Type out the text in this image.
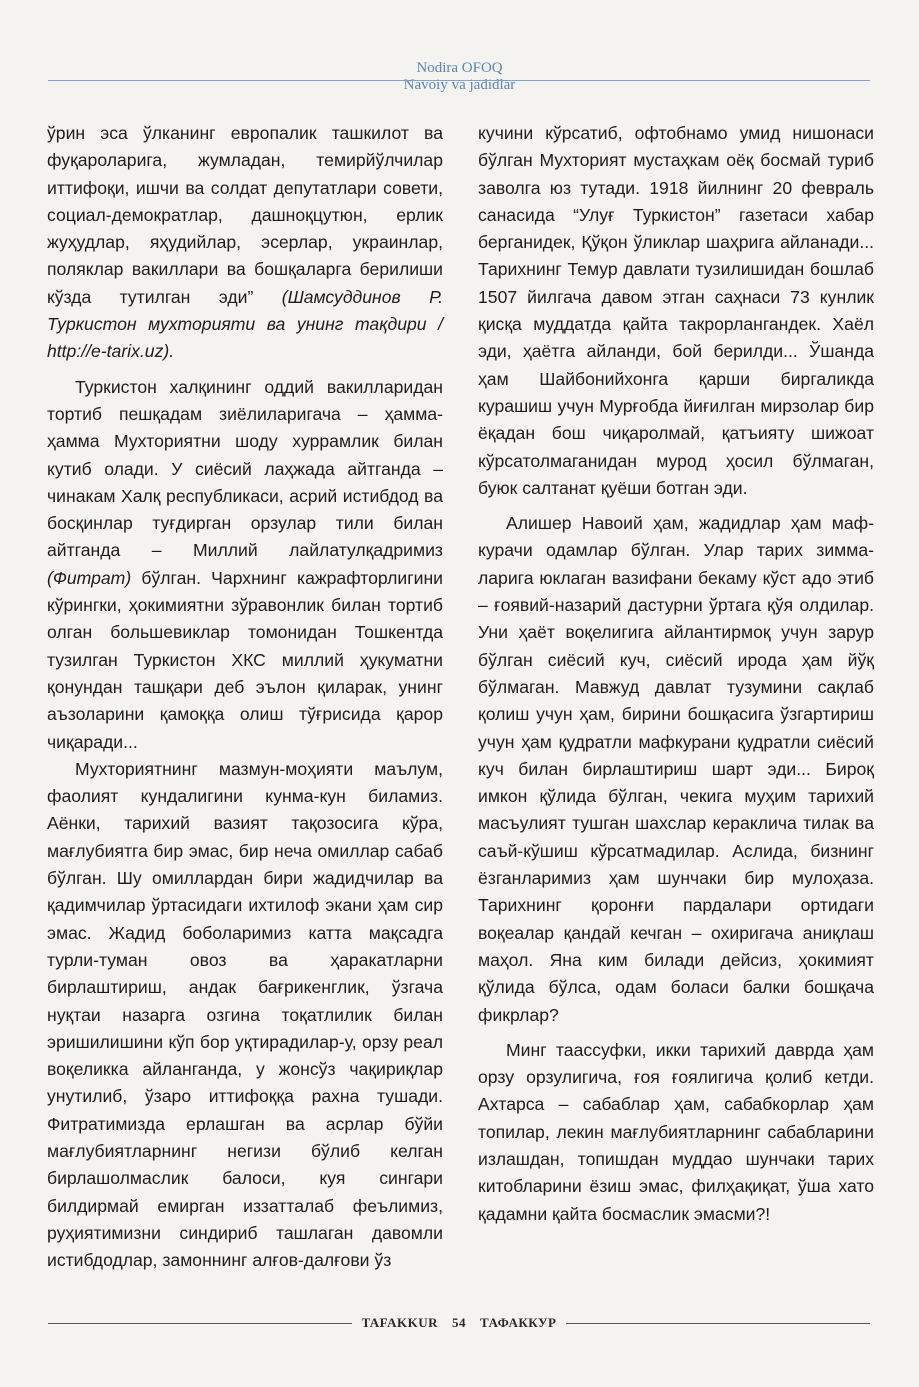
Nodira OFOQ
Navoiy va jadidlar

ўрин эса ўлканинг европалик ташкилот ва фуқароларига, жумладан, темирйўлчилар иттифоқи, ишчи ва солдат депутатлари совети, социал-демократлар, дашноқцутюн, ерлик жуҳудлар, яҳудийлар, эсерлар, украинлар, поляклар вакиллари ва бошқаларга берилиши кўзда тутилган эди” (Шамсуддинов Р. Туркистон мухторияти ва унинг тақдири / http://e-tarix.uz).

Туркистон халқининг оддий вакилларидан тортиб пешқадам зиёлиларигача – ҳамма-ҳамма Мухториятни шоду хуррамлик билан кутиб олади. У сиёсий лаҳжада айтганда – чинакам Халқ республикаси, асрий истибдод ва босқинлар туғдирган орзулар тили билан айтганда – Миллий лайлатулқадримиз (Фитрат) бўлган. Чархнинг кажрафторлигини кўрингки, ҳокимиятни зўравонлик билан тортиб олган большевиклар томонидан Тошкентда тузилган Туркистон ХКС миллий ҳукуматни қонундан ташқари деб эълон қиларак, унинг аъзоларини қамоққа олиш тўғрисида қарор чиқаради...

Мухториятнинг мазмун-моҳияти маълум, фаолият кундалигини кунма-кун биламиз. Аёнки, тарихий вазият тақозосига кўра, мағлубиятга бир эмас, бир неча омиллар сабаб бўлган. Шу омиллардан бири жадидчилар ва қадимчилар ўртасидаги ихтилоф экани ҳам сир эмас. Жадид боболаримиз катта мақсадга турли-туман овоз ва ҳаракатларни бирлаштириш, андак бағрикенглик, ўзгача нуқтаи назарга озгина тоқатлилик билан эришилишини кўп бор уқтирадилар-у, орзу реал воқеликка айланганда, у жонсўз чақириқлар унутилиб, ўзаро иттифоққа рахна тушади. Фитратимизда ерлашган ва асрлар бўйи мағлубиятларнинг негизи бўлиб келган бирлашолмаслик балоси, куя сингари билдирмай емирган иззатталаб феълимиз, руҳиятимизни синдириб ташлаган давомли истибдодлар, замоннинг алғов-далғови ўз

кучини кўрсатиб, офтобнамо умид нишонаси бўлган Мухторият мустаҳкам оёқ босмай туриб заволга юз тутади. 1918 йилнинг 20 февраль санасида “Улуғ Туркистон” газетаси хабар берганидек, Қўқон ўликлар шаҳрига айланади... Тарихнинг Темур давлати тузилишидан бошлаб 1507 йилгача давом этган саҳнаси 73 кунлик қисқа муддатда қайта такрорлангандек. Хаёл эди, ҳаётга айланди, бой берилди... Ўшанда ҳам Шайбонийхонга қарши биргаликда курашиш учун Мурғобда йиғилган мирзолар бир ёқадан бош чиқаролмай, қатъияту шижоат кўрсатолмаганидан мурод ҳосил бўлмаган, буюк салтанат қуёши ботган эди.

Алишер Навоий ҳам, жадидлар ҳам мафкурачи одамлар бўлган. Улар тарих зиммаларига юклаган вазифани бекаму кўст адо этиб – ғоявий-назарий дастурни ўртага қўя олдилар. Уни ҳаёт воқелигига айлантирмоқ учун зарур бўлган сиёсий куч, сиёсий ирода ҳам йўқ бўлмаган. Мавжуд давлат тузумини сақлаб қолиш учун ҳам, бирини бошқасига ўзгартириш учун ҳам қудратли мафкурани қудратли сиёсий куч билан бирлаштириш шарт эди... Бироқ имкон қўлида бўлган, чекига муҳим тарихий масъулият тушган шахслар кераклича тилак ва саъй-кўшиш кўрсатмадилар. Аслида, бизнинг ёзганларимиз ҳам шунчаки бир мулоҳаза. Тарихнинг қоронғи пардалари ортидаги воқеалар қандай кечган – охиригача аниқлаш маҳол. Яна ким билади дейсиз, ҳокимият қўлида бўлса, одам боласи балки бошқача фикрлар?

Минг таассуфки, икки тарихий даврда ҳам орзу орзулигича, ғоя ғоялигича қолиб кетди. Ахтарса – сабаблар ҳам, сабабкорлар ҳам топилар, лекин мағлубиятларнинг сабабларини излашдан, топишдан муддао шунчаки тарих китобларини ёзиш эмас, филҳақиқат, ўша хато қадамни қайта босмаслик эмасми?!

TAFAKKUR	54	ТАФАККУР
